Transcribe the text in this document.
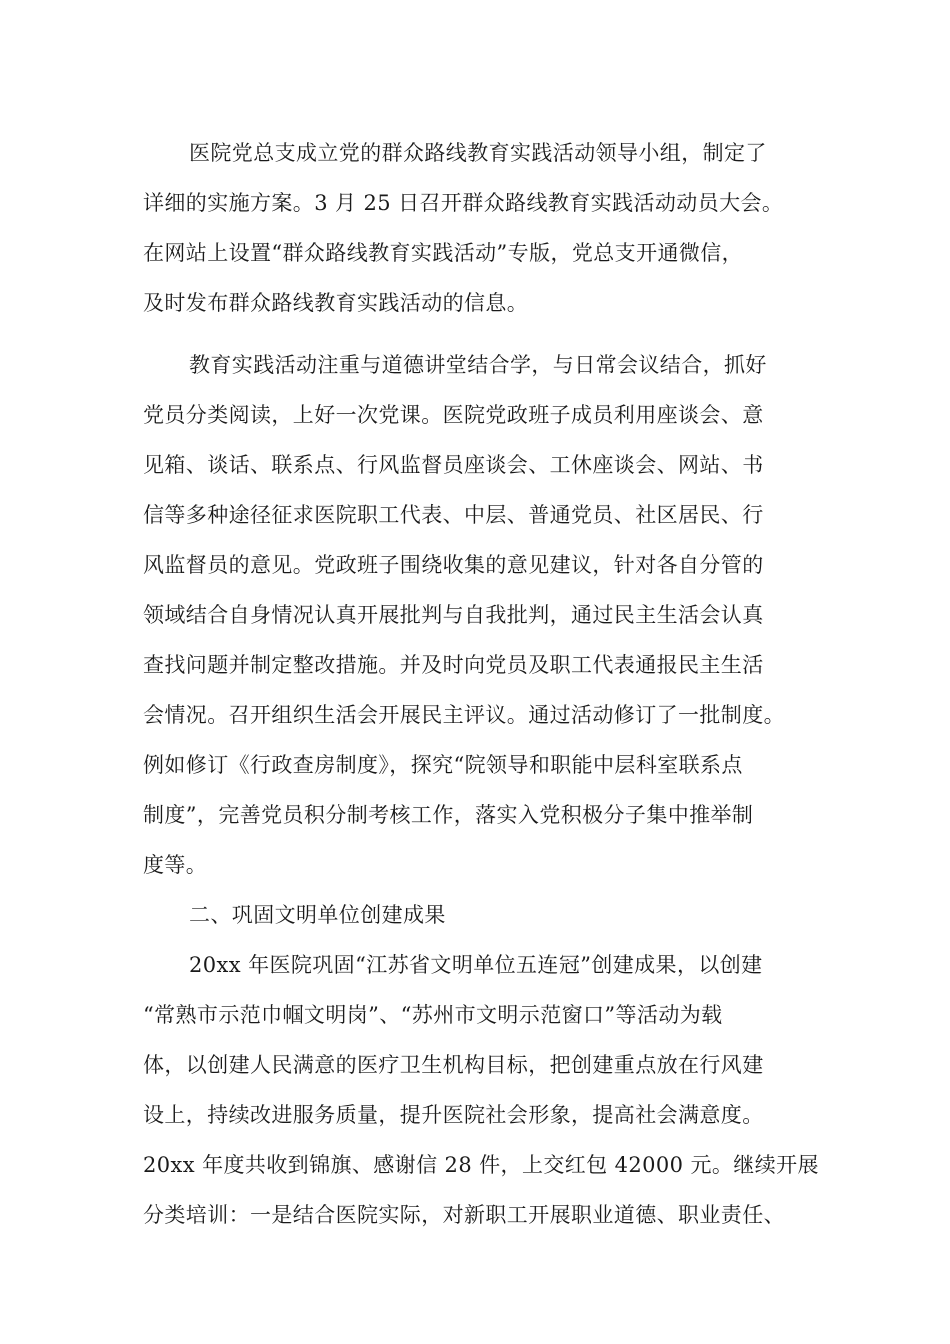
医院党总支成立党的群众路线教育实践活动领导小组，制定了
详细的实施方案。3 月 25 日召开群众路线教育实践活动动员大会。
在网站上设置“群众路线教育实践活动”专版，党总支开通微信，
及时发布群众路线教育实践活动的信息。
教育实践活动注重与道德讲堂结合学，与日常会议结合，抓好
党员分类阅读，上好一次党课。医院党政班子成员利用座谈会、意
见箱、谈话、联系点、行风监督员座谈会、工休座谈会、网站、书
信等多种途径征求医院职工代表、中层、普通党员、社区居民、行
风监督员的意见。党政班子围绕收集的意见建议，针对各自分管的
领域结合自身情况认真开展批判与自我批判，通过民主生活会认真
查找问题并制定整改措施。并及时向党员及职工代表通报民主生活
会情况。召开组织生活会开展民主评议。通过活动修订了一批制度。
例如修订《行政查房制度》，探究“院领导和职能中层科室联系点
制度”，完善党员积分制考核工作，落实入党积极分子集中推举制
度等。
二、巩固文明单位创建成果
20xx 年医院巩固“江苏省文明单位五连冠”创建成果，以创建
“常熟市示范巾帼文明岗”、“苏州市文明示范窗口”等活动为载
体，以创建人民满意的医疗卫生机构目标，把创建重点放在行风建
设上，持续改进服务质量，提升医院社会形象，提高社会满意度。
20xx 年度共收到锦旗、感谢信 28 件，上交红包 42000 元。继续开展
分类培训：一是结合医院实际，对新职工开展职业道德、职业责任、
